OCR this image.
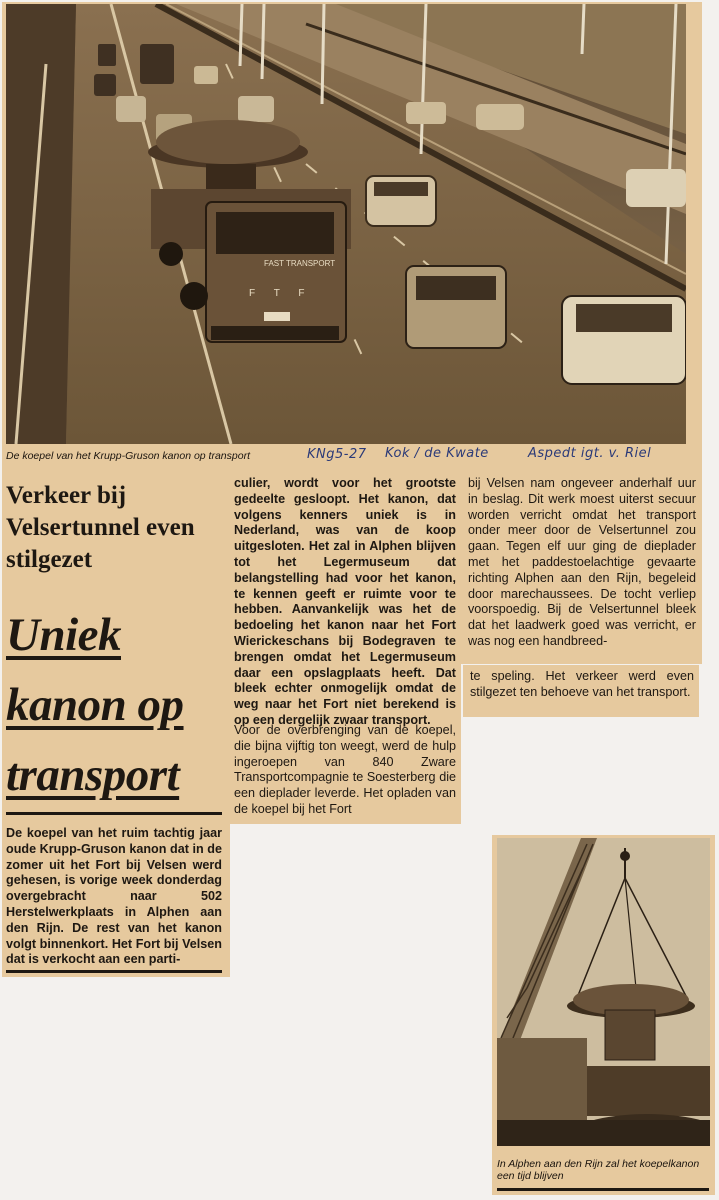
FAST TRANSPORT
F T F
De koepel van het Krupp-Gruson kanon op transport	KNg5-27 Kok / de Kwate	Aspedt igt. v. Riel
Verkeer bij Velsertunnel even stilgezet
Uniek
kanon op
transport
De koepel van het ruim tachtig jaar oude Krupp-Gruson kanon dat in de zomer uit het Fort bij Velsen werd gehesen, is vorige week donderdag overgebracht naar 502 Herstelwerkplaats in Alphen aan den Rijn. De rest van het kanon volgt binnenkort. Het Fort bij Velsen dat is verkocht aan een parti-
culier, wordt voor het grootste gedeelte gesloopt. Het kanon, dat volgens kenners uniek is in Nederland, was van de koop uitgesloten. Het zal in Alphen blijven tot het Legermuseum dat belangstelling had voor het kanon, te kennen geeft er ruimte voor te hebben. Aanvankelijk was het de bedoeling het kanon naar het Fort Wierickeschans bij Bodegraven te brengen omdat het Legermuseum daar een opslagplaats heeft. Dat bleek echter onmogelijk omdat de weg naar het Fort niet berekend is op een dergelijk zwaar transport.
Voor de overbrenging van de koepel, die bijna vijftig ton weegt, werd de hulp ingeroepen van 840 Zware Transportcompagnie te Soesterberg die een dieplader leverde. Het opladen van de koepel bij het Fort
bij Velsen nam ongeveer anderhalf uur in beslag. Dit werk moest uiterst secuur worden verricht omdat het transport onder meer door de Velsertunnel zou gaan. Tegen elf uur ging de dieplader met het paddestoelachtige gevaarte richting Alphen aan den Rijn, begeleid door marechaussees. De tocht verliep voorspoedig. Bij de Velsertunnel bleek dat het laadwerk goed was verricht, er was nog een handbreed-
te speling. Het verkeer werd even stilgezet ten behoeve van het transport.
In Alphen aan den Rijn zal het koepelkanon een tijd blijven
